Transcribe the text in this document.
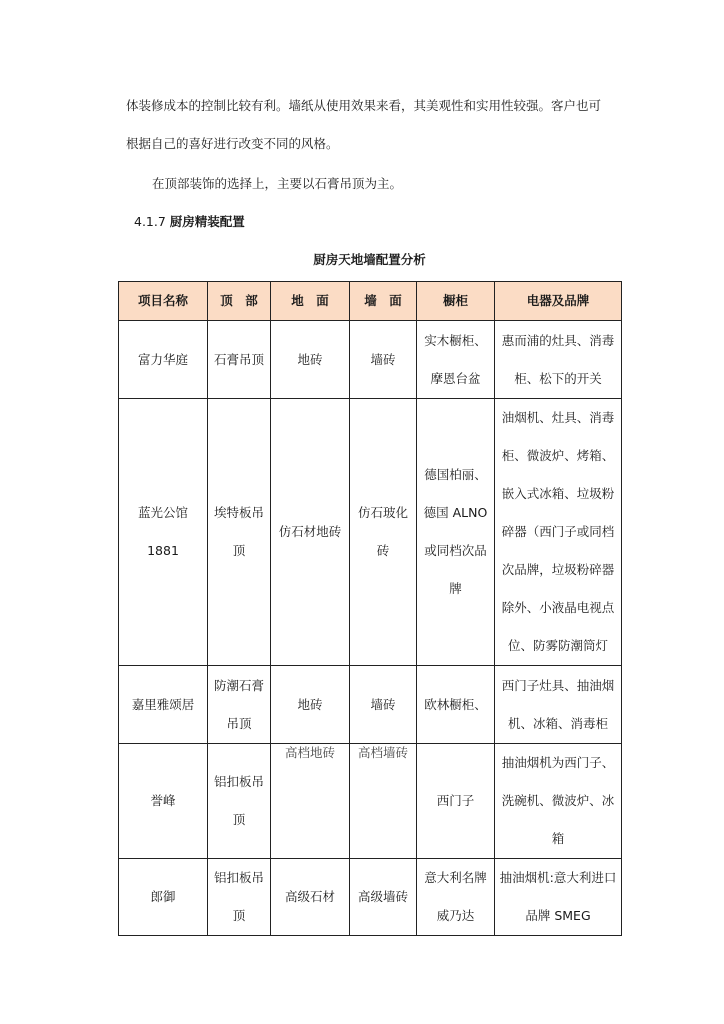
体装修成本的控制比较有利。墙纸从使用效果来看，其美观性和实用性较强。客户也可

根据自己的喜好进行改变不同的风格。

在顶部装饰的选择上，主要以石膏吊顶为主。

4.1.7 厨房精装配置

厨房天地墙配置分析
项目名称	顶　部	地　面	墙　面	橱柜	电器及品牌
富力华庭	石膏吊顶	地砖	墙砖	实木橱柜、摩恩台盆	惠而浦的灶具、消毒柜、松下的开关
蓝光公馆 1881	埃特板吊顶	仿石材地砖	仿石玻化砖	德国柏丽、德国 ALNO 或同档次品牌	油烟机、灶具、消毒柜、微波炉、烤箱、嵌入式冰箱、垃圾粉碎器（西门子或同档次品牌，垃圾粉碎器除外、小液晶电视点位、防雾防潮筒灯
嘉里雅颂居	防潮石膏吊顶	地砖	墙砖	欧林橱柜、	西门子灶具、抽油烟机、冰箱、消毒柜
誉峰	铝扣板吊顶	高档地砖	高档墙砖	西门子	抽油烟机为西门子、洗碗机、微波炉、冰箱
郎御	铝扣板吊顶	高级石材	高级墙砖	意大利名牌威乃达	抽油烟机:意大利进口品牌 SMEG
